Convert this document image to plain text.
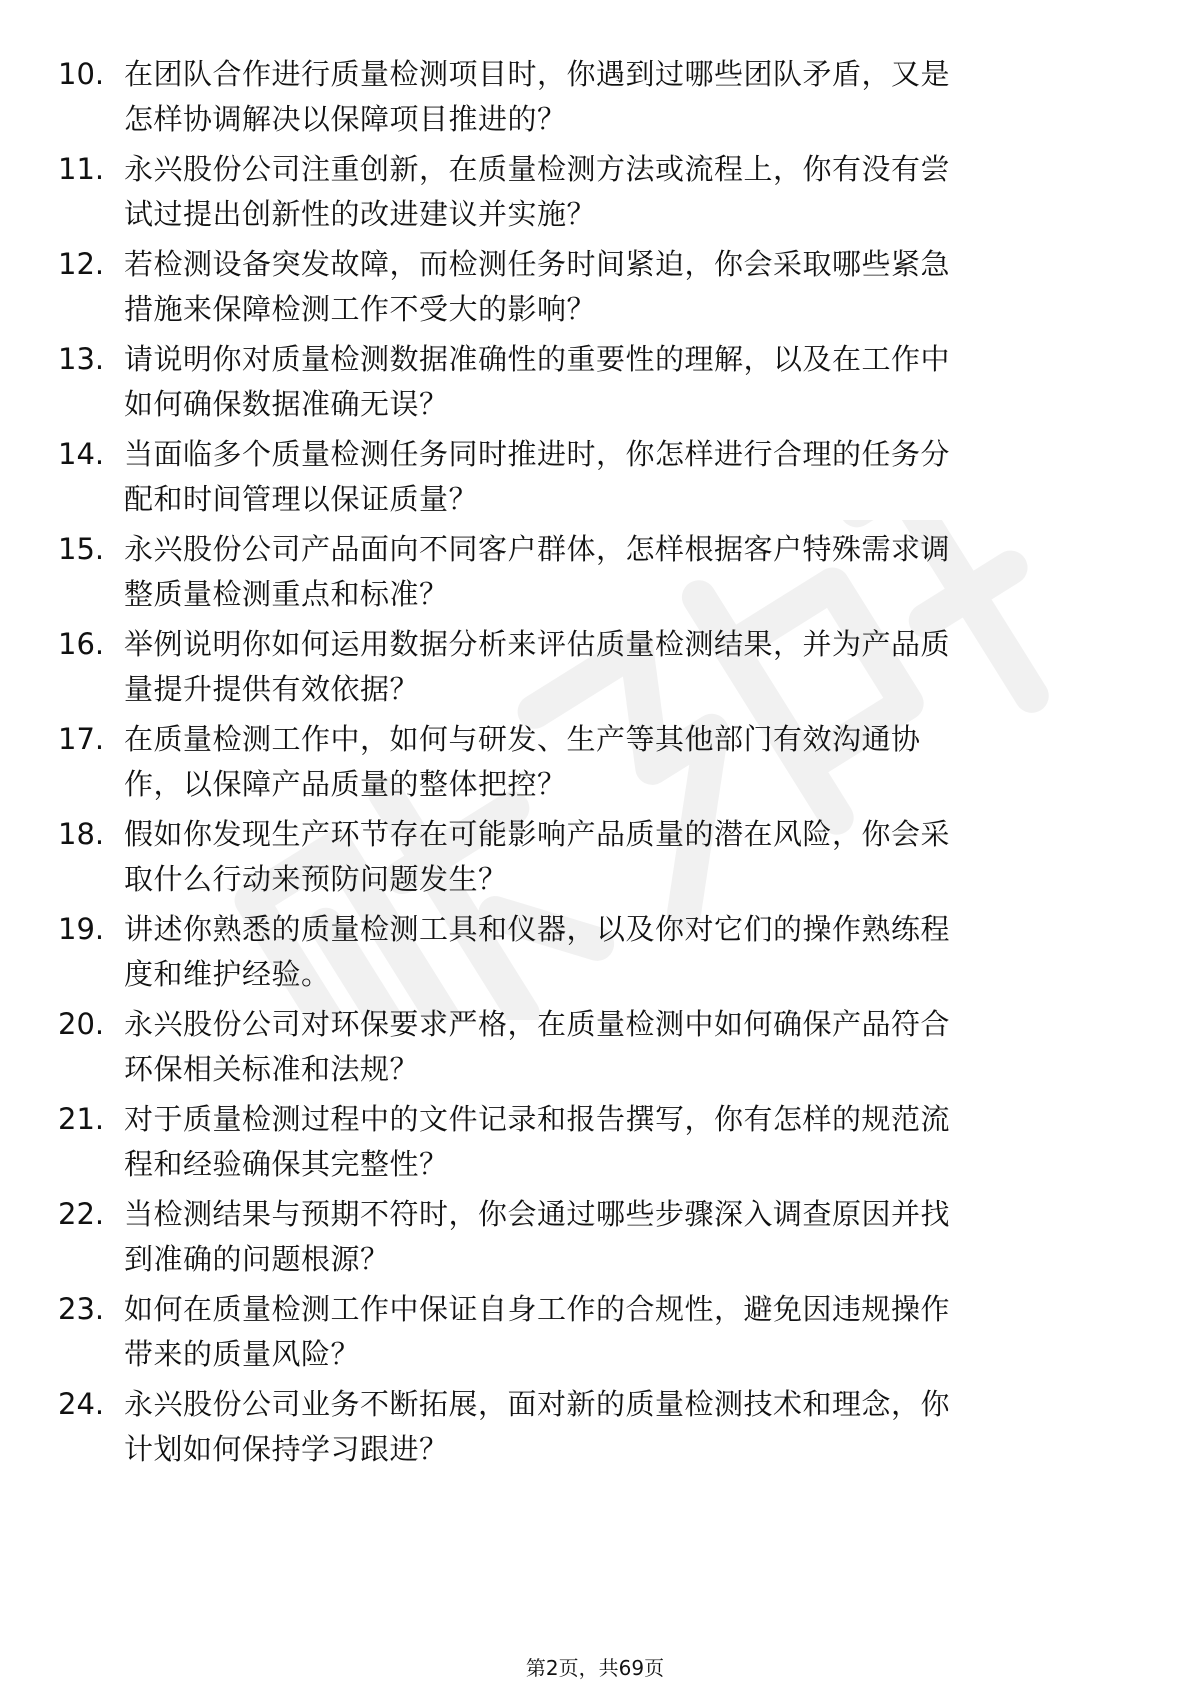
10. 在团队合作进行质量检测项目时，你遇到过哪些团队矛盾，又是
怎样协调解决以保障项目推进的？
11. 永兴股份公司注重创新，在质量检测方法或流程上，你有没有尝
试过提出创新性的改进建议并实施？
12. 若检测设备突发故障，而检测任务时间紧迫，你会采取哪些紧急
措施来保障检测工作不受大的影响？
13. 请说明你对质量检测数据准确性的重要性的理解，以及在工作中
如何确保数据准确无误？
14. 当面临多个质量检测任务同时推进时，你怎样进行合理的任务分
配和时间管理以保证质量？
15. 永兴股份公司产品面向不同客户群体，怎样根据客户特殊需求调
整质量检测重点和标准？
16. 举例说明你如何运用数据分析来评估质量检测结果，并为产品质
量提升提供有效依据？
17. 在质量检测工作中，如何与研发、生产等其他部门有效沟通协
作，以保障产品质量的整体把控？
18. 假如你发现生产环节存在可能影响产品质量的潜在风险，你会采
取什么行动来预防问题发生？
19. 讲述你熟悉的质量检测工具和仪器，以及你对它们的操作熟练程
度和维护经验。
20. 永兴股份公司对环保要求严格，在质量检测中如何确保产品符合
环保相关标准和法规？
21. 对于质量检测过程中的文件记录和报告撰写，你有怎样的规范流
程和经验确保其完整性？
22. 当检测结果与预期不符时，你会通过哪些步骤深入调查原因并找
到准确的问题根源？
23. 如何在质量检测工作中保证自身工作的合规性，避免因违规操作
带来的质量风险？
24. 永兴股份公司业务不断拓展，面对新的质量检测技术和理念，你
计划如何保持学习跟进？
第2页，共69页
